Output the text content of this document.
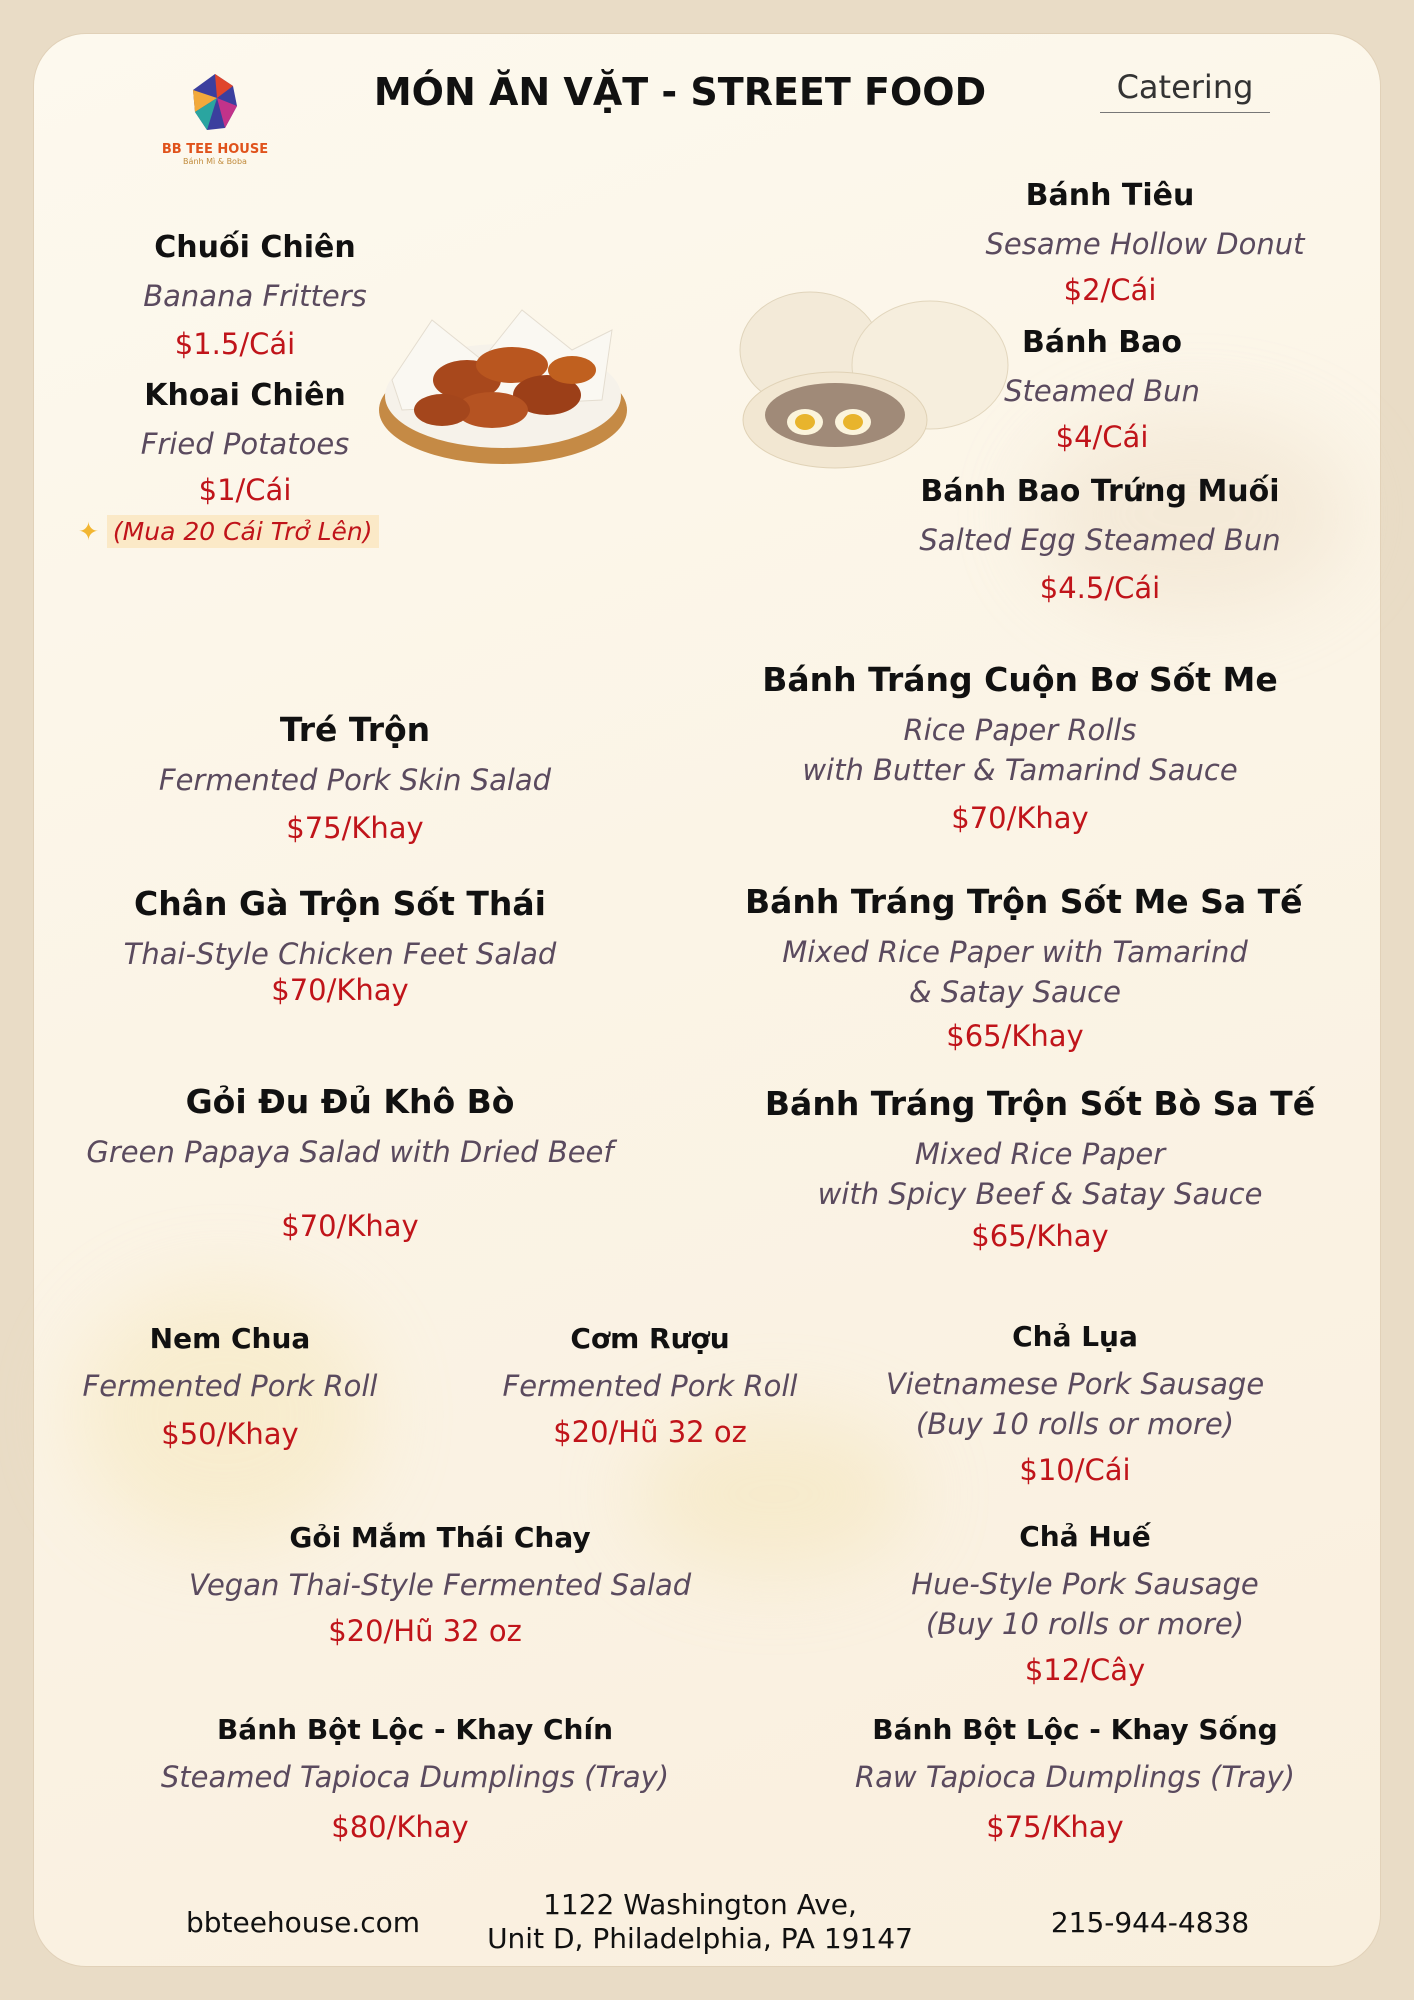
BB TEE HOUSE
Bánh Mì & Boba
MÓN ĂN VẶT - STREET FOOD	Catering
Chuối Chiên
Banana Fritters
$1.5/Cái
Khoai Chiên
Fried Potatoes
$1/Cái
✦ (Mua 20 Cái Trở Lên)
Bánh Tiêu
Sesame Hollow Donut
$2/Cái
Bánh Bao
Steamed Bun
$4/Cái
Bánh Bao Trứng Muối
Salted Egg Steamed Bun
$4.5/Cái
Tré Trộn
Fermented Pork Skin Salad
$75/Khay
Chân Gà Trộn Sốt Thái
Thai-Style Chicken Feet Salad
$70/Khay
Gỏi Đu Đủ Khô Bò
Green Papaya Salad with Dried Beef
$70/Khay
Bánh Tráng Cuộn Bơ Sốt Me
Rice Paper Rolls
with Butter & Tamarind Sauce
$70/Khay
Bánh Tráng Trộn Sốt Me Sa Tế
Mixed Rice Paper with Tamarind
& Satay Sauce
$65/Khay
Bánh Tráng Trộn Sốt Bò Sa Tế
Mixed Rice Paper
with Spicy Beef & Satay Sauce
$65/Khay
Nem Chua
Fermented Pork Roll
$50/Khay
Cơm Rượu
Fermented Pork Roll
$20/Hũ 32 oz
Chả Lụa
Vietnamese Pork Sausage
(Buy 10 rolls or more)
$10/Cái
Gỏi Mắm Thái Chay
Vegan Thai-Style Fermented Salad
$20/Hũ 32 oz
Chả Huế
Hue-Style Pork Sausage
(Buy 10 rolls or more)
$12/Cây
Bánh Bột Lộc - Khay Chín
Steamed Tapioca Dumplings (Tray)
$80/Khay
Bánh Bột Lộc - Khay Sống
Raw Tapioca Dumplings (Tray)
$75/Khay
bbteehouse.com
1122 Washington Ave,
Unit D, Philadelphia, PA 19147	215-944-4838
